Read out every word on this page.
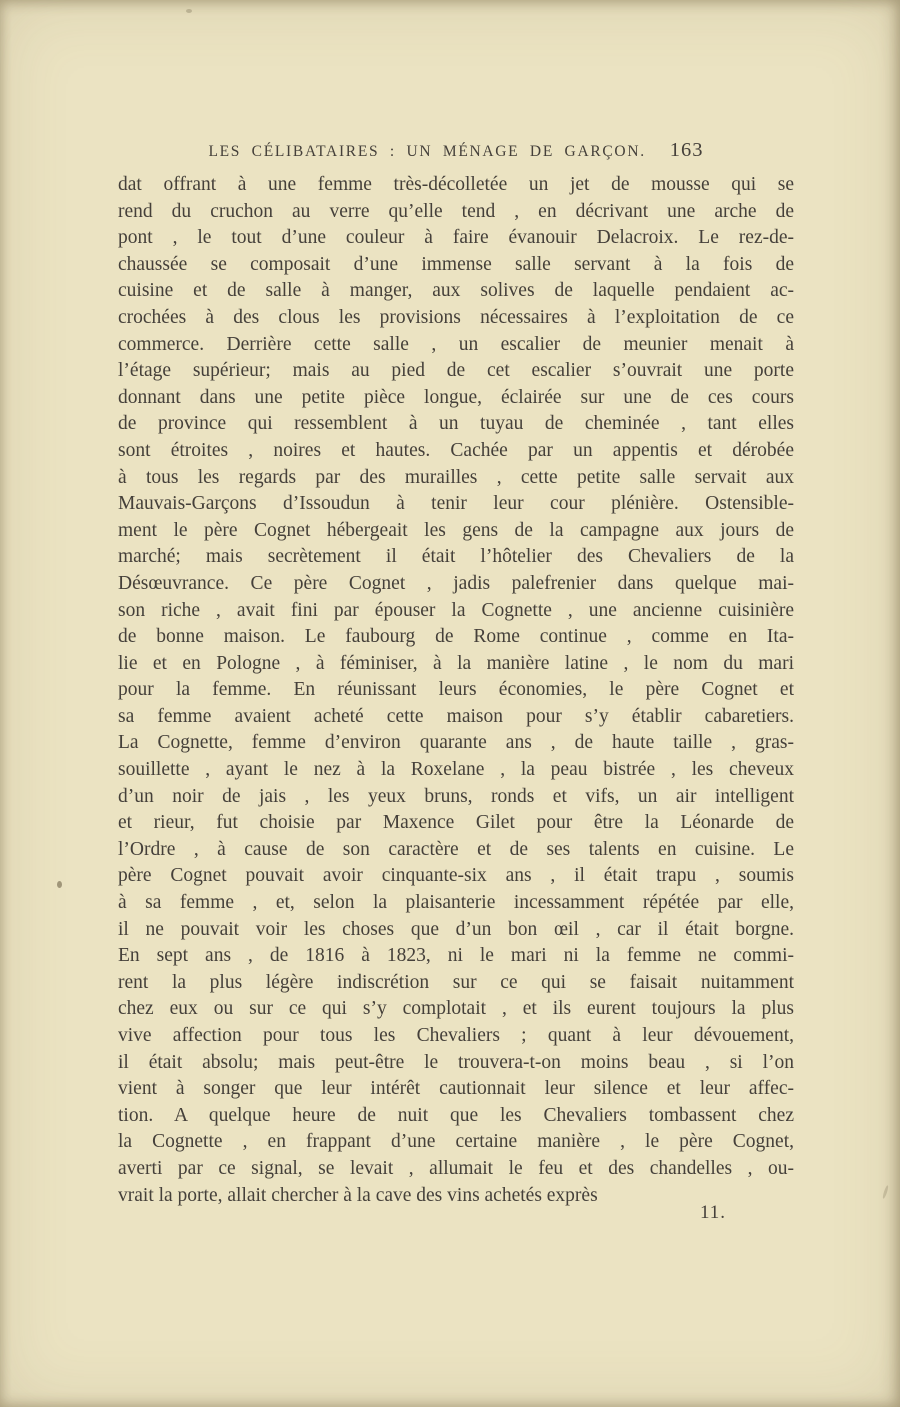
LES CÉLIBATAIRES : UN MÉNAGE DE GARÇON. 163
dat offrant à une femme très-décolletée un jet de mousse qui se
rend du cruchon au verre qu’elle tend , en décrivant une arche de
pont , le tout d’une couleur à faire évanouir Delacroix. Le rez-de-
chaussée se composait d’une immense salle servant à la fois de
cuisine et de salle à manger, aux solives de laquelle pendaient ac-
crochées à des clous les provisions nécessaires à l’exploitation de ce
commerce. Derrière cette salle , un escalier de meunier menait à
l’étage supérieur; mais au pied de cet escalier s’ouvrait une porte
donnant dans une petite pièce longue, éclairée sur une de ces cours
de province qui ressemblent à un tuyau de cheminée , tant elles
sont étroites , noires et hautes. Cachée par un appentis et dérobée
à tous les regards par des murailles , cette petite salle servait aux
Mauvais-Garçons d’Issoudun à tenir leur cour plénière. Ostensible-
ment le père Cognet hébergeait les gens de la campagne aux jours de
marché; mais secrètement il était l’hôtelier des Chevaliers de la
Désœuvrance. Ce père Cognet , jadis palefrenier dans quelque mai-
son riche , avait fini par épouser la Cognette , une ancienne cuisinière
de bonne maison. Le faubourg de Rome continue , comme en Ita-
lie et en Pologne , à féminiser, à la manière latine , le nom du mari
pour la femme. En réunissant leurs économies, le père Cognet et
sa femme avaient acheté cette maison pour s’y établir cabaretiers.
La Cognette, femme d’environ quarante ans , de haute taille , gras-
souillette , ayant le nez à la Roxelane , la peau bistrée , les cheveux
d’un noir de jais , les yeux bruns, ronds et vifs, un air intelligent
et rieur, fut choisie par Maxence Gilet pour être la Léonarde de
l’Ordre , à cause de son caractère et de ses talents en cuisine. Le
père Cognet pouvait avoir cinquante-six ans , il était trapu , soumis
à sa femme , et, selon la plaisanterie incessamment répétée par elle,
il ne pouvait voir les choses que d’un bon œil , car il était borgne.
En sept ans , de 1816 à 1823, ni le mari ni la femme ne commi-
rent la plus légère indiscrétion sur ce qui se faisait nuitamment
chez eux ou sur ce qui s’y complotait , et ils eurent toujours la plus
vive affection pour tous les Chevaliers ; quant à leur dévouement,
il était absolu; mais peut-être le trouvera-t-on moins beau , si l’on
vient à songer que leur intérêt cautionnait leur silence et leur affec-
tion. A quelque heure de nuit que les Chevaliers tombassent chez
la Cognette , en frappant d’une certaine manière , le père Cognet,
averti par ce signal, se levait , allumait le feu et des chandelles , ou-
vrait la porte, allait chercher à la cave des vins achetés exprès
11.
